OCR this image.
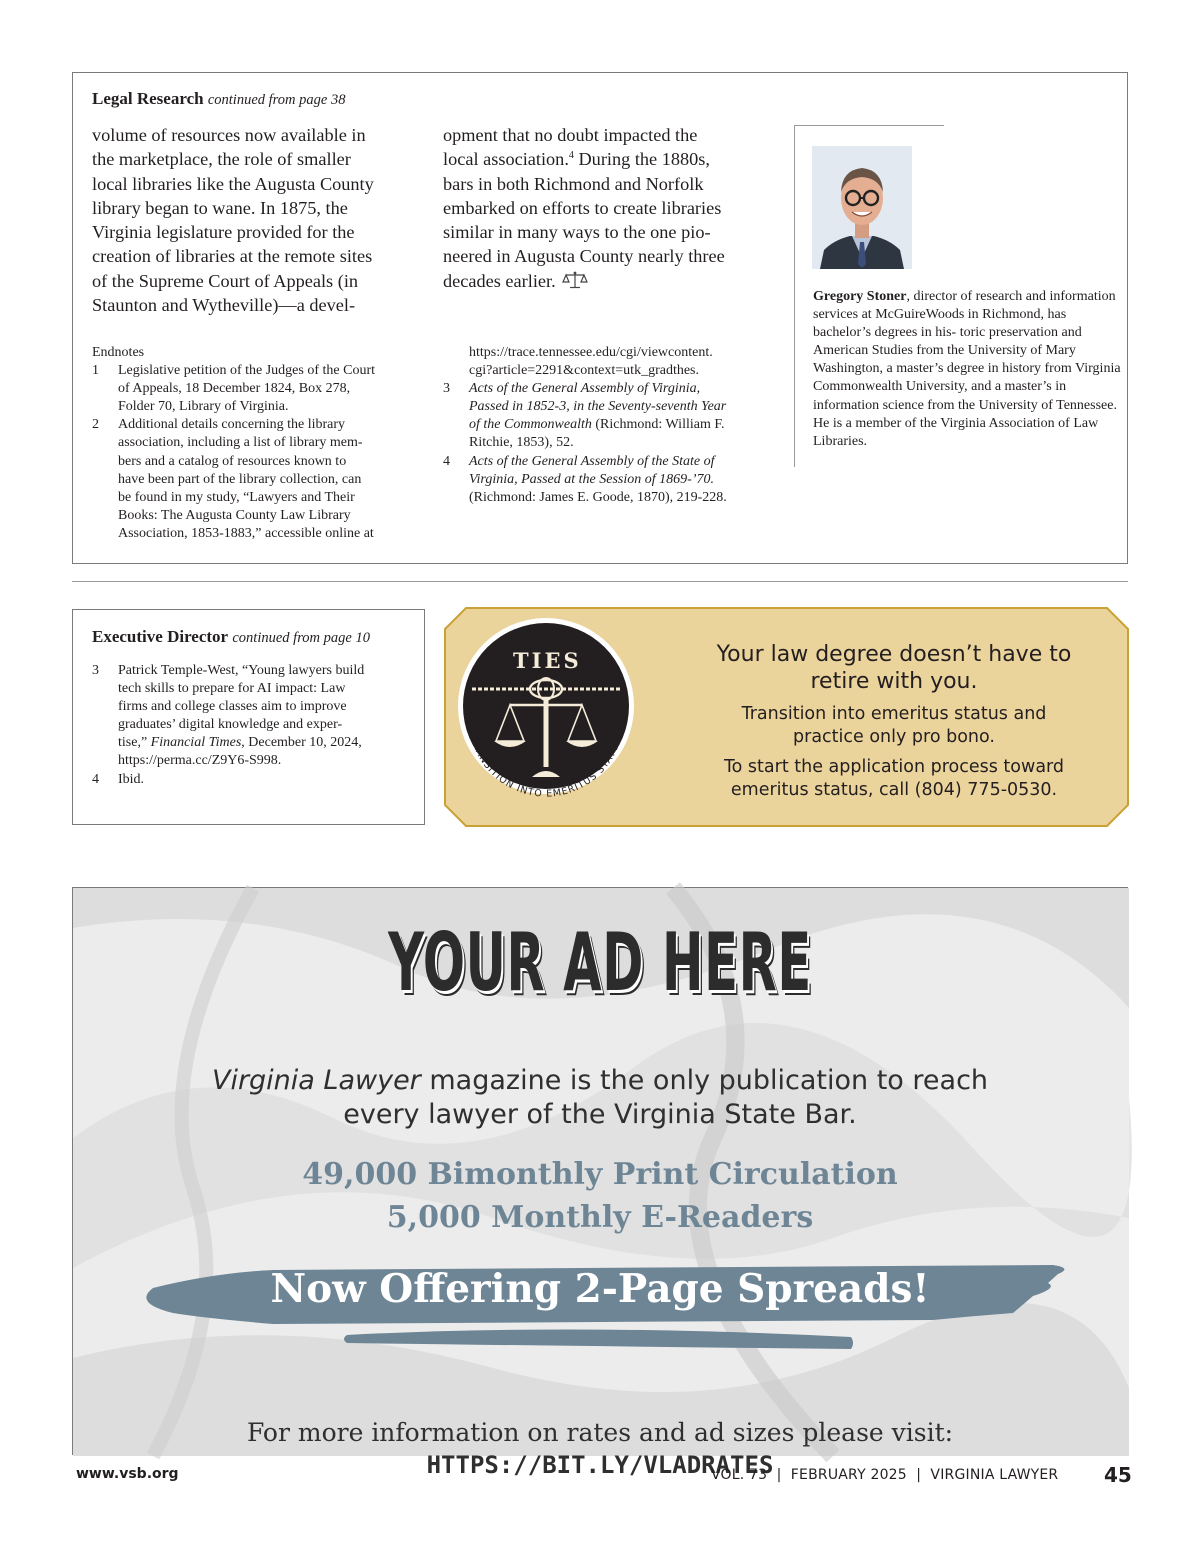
Legal Research continued from page 38
volume of resources now available in
the marketplace, the role of smaller
local libraries like the Augusta County
library began to wane. In 1875, the
Virginia legislature provided for the
creation of libraries at the remote sites
of the Supreme Court of Appeals (in
Staunton and Wytheville)—a devel-
opment that no doubt impacted the
local association.$^4$ During the 1880s,
bars in both Richmond and Norfolk
embarked on efforts to create libraries
similar in many ways to the one pio-
neered in Augusta County nearly three
decades earlier.
Endnotes
1 Legislative petition of the Judges of the Court
of Appeals, 18 December 1824, Box 278,
Folder 70, Library of Virginia.
2 Additional details concerning the library
association, including a list of library mem-
bers and a catalog of resources known to
have been part of the library collection, can
be found in my study, “Lawyers and Their
Books: The Augusta County Law Library
Association, 1853-1883,” accessible online at
https://trace.tennessee.edu/cgi/viewcontent.
cgi?article=2291&context=utk_gradthes.
3 Acts of the General Assembly of Virginia,
Passed in 1852-3, in the Seventy-seventh Year
of the Commonwealth (Richmond: William F.
Ritchie, 1853), 52.
4 Acts of the General Assembly of the State of
Virginia, Passed at the Session of 1869-’70.
(Richmond: James E. Goode, 1870), 219-228.
Gregory Stoner, director of research and information services at McGuireWoods in Richmond, has bachelor’s degrees in his- toric preservation and American Studies from the University of Mary Washington, a master’s degree in history from Virginia Commonwealth University, and a master’s in information science from the University of Tennessee. He is a member of the Virginia Association of Law Libraries.
Executive Director continued from page 10
3 Patrick Temple-West, “Young lawyers build
tech skills to prepare for AI impact: Law
firms and college classes aim to improve
graduates’ digital knowledge and exper-
tise,” Financial Times, December 10, 2024,
https://perma.cc/Z9Y6-S998.
4 Ibid.
TRANSITION INTO EMERITUS STATUS
TIES	Your law degree doesn’t have to
retire with you.
Transition into emeritus status and
practice only pro bono.
To start the application process toward
emeritus status, call (804) 775-0530.
YOUR AD HERE
Virginia Lawyer magazine is the only publication to reach
every lawyer of the Virginia State Bar.
49,000 Bimonthly Print Circulation
5,000 Monthly E-Readers
Now Offering 2-Page Spreads!
For more information on rates and ad sizes please visit:
HTTPS://BIT.LY/VLADRATES
www.vsb.org	VOL. 73  |  FEBRUARY 2025  |  VIRGINIA LAWYER 45
